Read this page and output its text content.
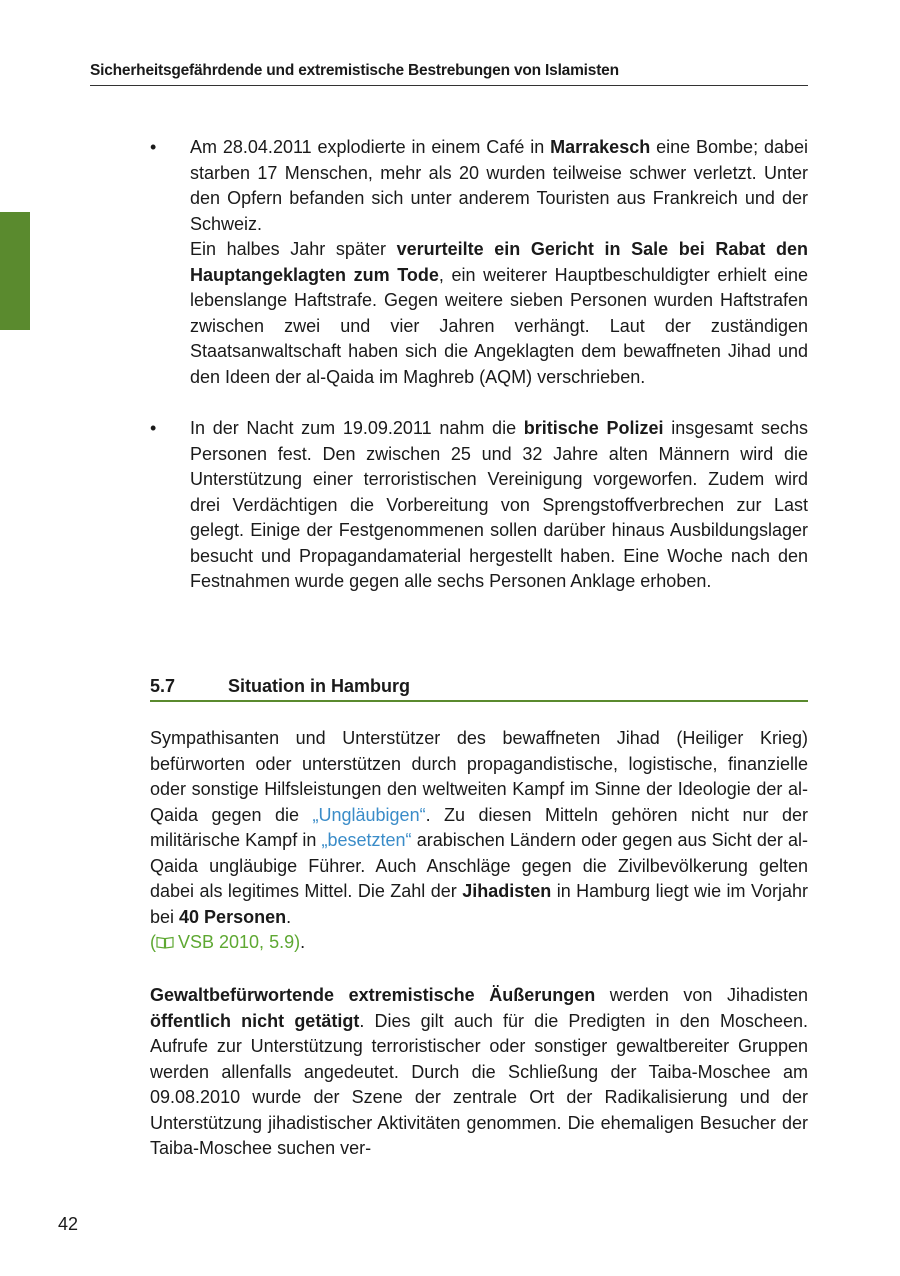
Sicherheitsgefährdende und extremistische Bestrebungen von Islamisten
• Am 28.04.2011 explodierte in einem Café in Marrakesch eine Bombe; dabei starben 17 Menschen, mehr als 20 wurden teilweise schwer verletzt. Unter den Opfern befanden sich unter anderem Touristen aus Frankreich und der Schweiz.

Ein halbes Jahr später verurteilte ein Gericht in Sale bei Rabat den Hauptangeklagten zum Tode, ein weiterer Hauptbeschuldigter erhielt eine lebenslange Haftstrafe. Gegen weitere sieben Personen wurden Haftstrafen zwischen zwei und vier Jahren verhängt. Laut der zuständigen Staatsanwaltschaft haben sich die Angeklagten dem bewaffneten Jihad und den Ideen der al-Qaida im Maghreb (AQM) verschrieben.

• In der Nacht zum 19.09.2011 nahm die britische Polizei insgesamt sechs Personen fest. Den zwischen 25 und 32 Jahre alten Männern wird die Unterstützung einer terroristischen Vereinigung vorgeworfen. Zudem wird drei Verdächtigen die Vorbereitung von Sprengstoffverbrechen zur Last gelegt. Einige der Festgenommenen sollen darüber hinaus Ausbildungslager besucht und Propagandamaterial hergestellt haben. Eine Woche nach den Festnahmen wurde gegen alle sechs Personen Anklage erhoben.

5.7	Situation in Hamburg

Sympathisanten und Unterstützer des bewaffneten Jihad (Heiliger Krieg) befürworten oder unterstützen durch propagandistische, logistische, finanzielle oder sonstige Hilfsleistungen den weltweiten Kampf im Sinne der Ideologie der al-Qaida gegen die „Ungläubigen“. Zu diesen Mitteln gehören nicht nur der militärische Kampf in „besetzten“ arabischen Ländern oder gegen aus Sicht der al-Qaida ungläubige Führer. Auch Anschläge gegen die Zivilbevölkerung gelten dabei als legitimes Mittel. Die Zahl der Jihadisten in Hamburg liegt wie im Vorjahr bei 40 Personen.
( VSB 2010, 5.9).

Gewaltbefürwortende extremistische Äußerungen werden von Jihadisten öffentlich nicht getätigt. Dies gilt auch für die Predigten in den Moscheen. Aufrufe zur Unterstützung terroristischer oder sonstiger gewaltbereiter Gruppen werden allenfalls angedeutet. Durch die Schließung der Taiba-Moschee am 09.08.2010 wurde der Szene der zentrale Ort der Radikalisierung und der Unterstützung jihadistischer Aktivitäten genommen. Die ehemaligen Besucher der Taiba-Moschee suchen ver-

42
